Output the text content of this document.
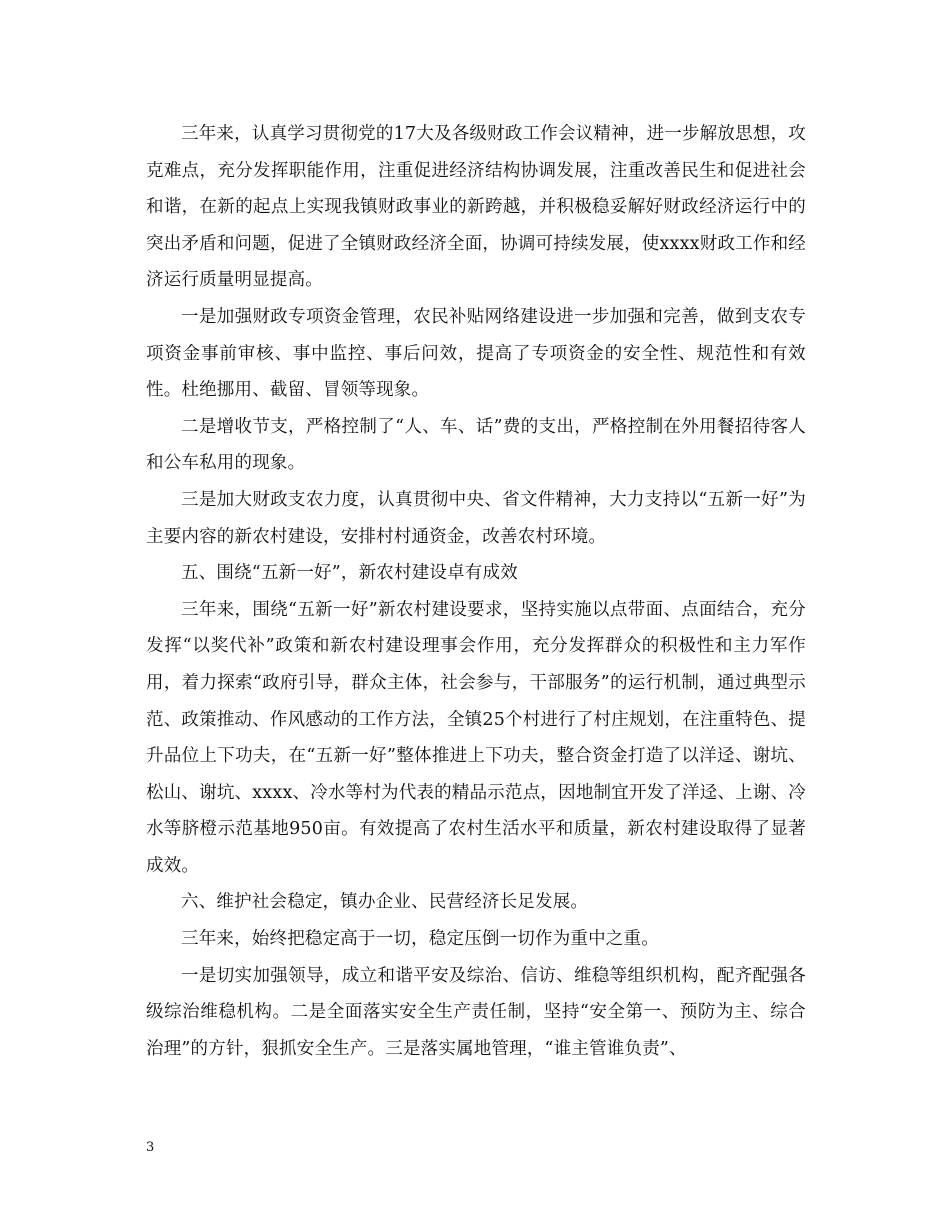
三年来，认真学习贯彻党的17大及各级财政工作会议精神，进一步解放思想，攻克难点，充分发挥职能作用，注重促进经济结构协调发展，注重改善民生和促进社会和谐，在新的起点上实现我镇财政事业的新跨越，并积极稳妥解好财政经济运行中的突出矛盾和问题，促进了全镇财政经济全面，协调可持续发展，使xxxx财政工作和经济运行质量明显提高。

一是加强财政专项资金管理，农民补贴网络建设进一步加强和完善，做到支农专项资金事前审核、事中监控、事后问效，提高了专项资金的安全性、规范性和有效性。杜绝挪用、截留、冒领等现象。

二是增收节支，严格控制了“人、车、话”费的支出，严格控制在外用餐招待客人和公车私用的现象。

三是加大财政支农力度，认真贯彻中央、省文件精神，大力支持以“五新一好”为主要内容的新农村建设，安排村村通资金，改善农村环境。

五、围绕“五新一好”，新农村建设卓有成效

三年来，围绕“五新一好”新农村建设要求，坚持实施以点带面、点面结合，充分发挥“以奖代补”政策和新农村建设理事会作用，充分发挥群众的积极性和主力军作用，着力探索“政府引导，群众主体，社会参与，干部服务”的运行机制，通过典型示范、政策推动、作风感动的工作方法，全镇25个村进行了村庄规划，在注重特色、提升品位上下功夫，在“五新一好”整体推进上下功夫，整合资金打造了以洋迳、谢坑、松山、谢坑、xxxx、冷水等村为代表的精品示范点，因地制宜开发了洋迳、上谢、冷水等脐橙示范基地950亩。有效提高了农村生活水平和质量，新农村建设取得了显著成效。

六、维护社会稳定，镇办企业、民营经济长足发展。

三年来，始终把稳定高于一切，稳定压倒一切作为重中之重。

一是切实加强领导，成立和谐平安及综治、信访、维稳等组织机构，配齐配强各级综治维稳机构。二是全面落实安全生产责任制，坚持“安全第一、预防为主、综合治理”的方针，狠抓安全生产。三是落实属地管理，“谁主管谁负责”、

3
